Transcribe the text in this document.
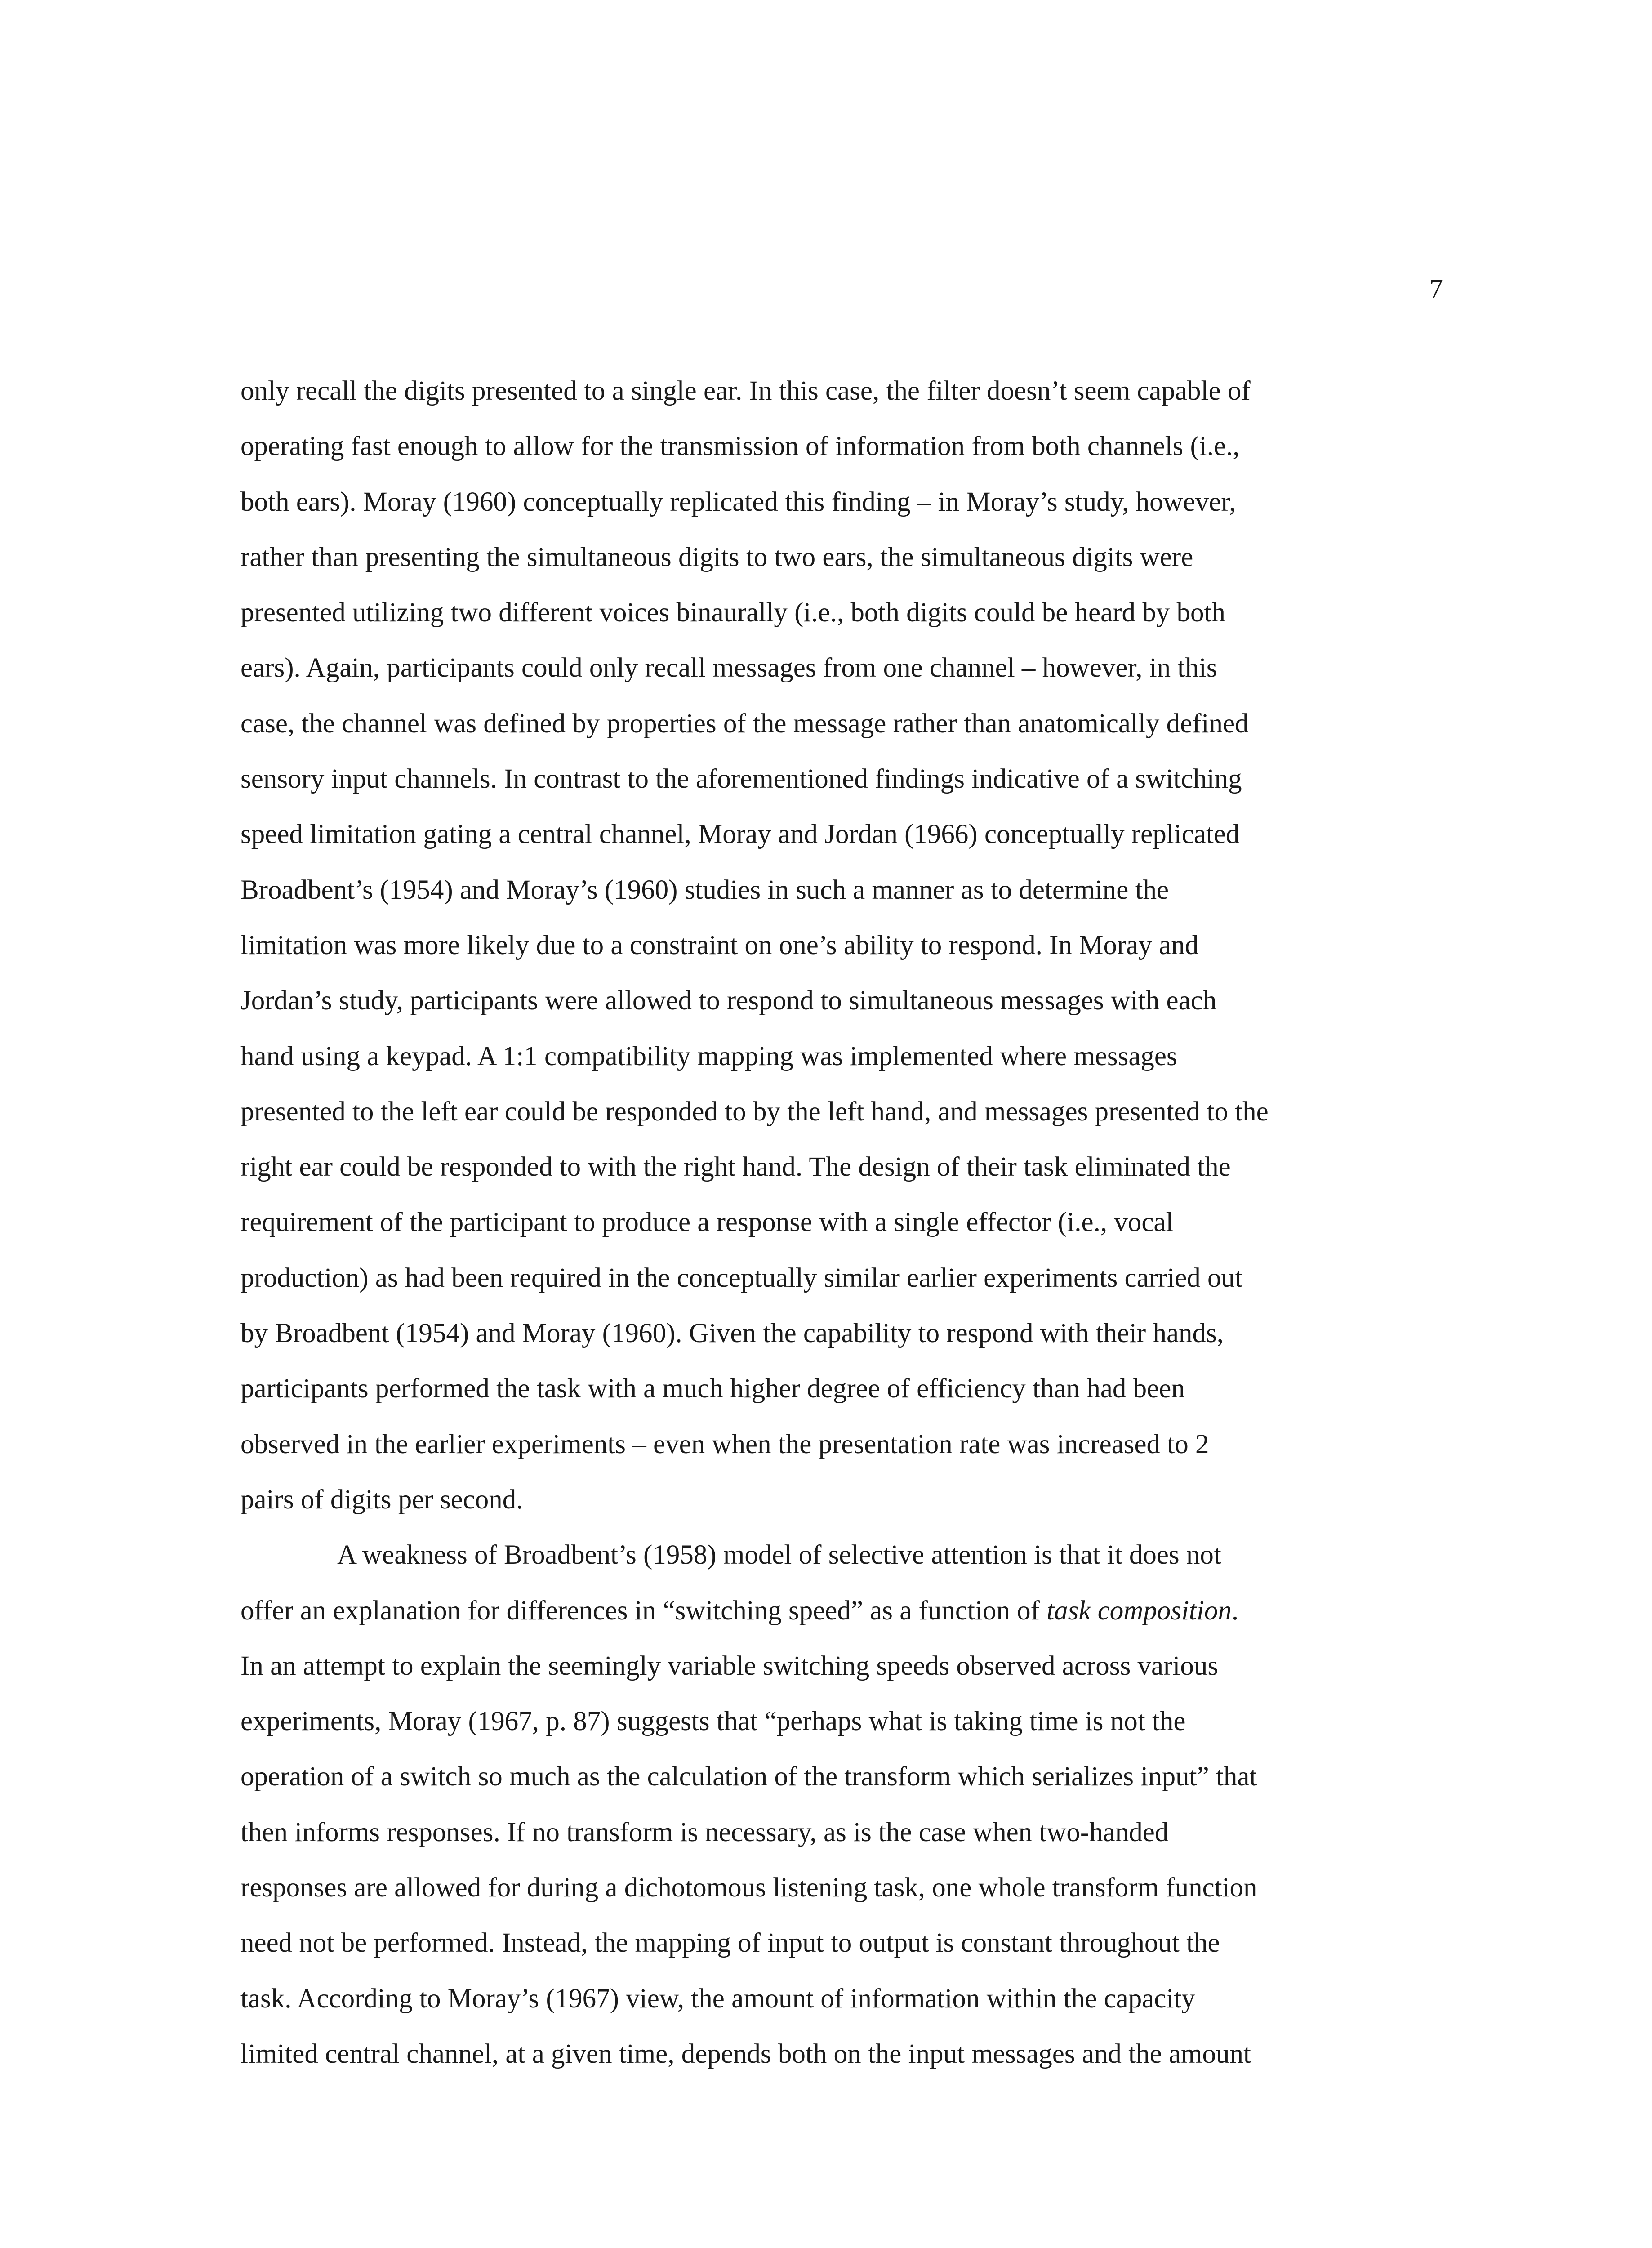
7

only recall the digits presented to a single ear. In this case, the filter doesn’t seem capable of
operating fast enough to allow for the transmission of information from both channels (i.e.,
both ears). Moray (1960) conceptually replicated this finding – in Moray’s study, however,
rather than presenting the simultaneous digits to two ears, the simultaneous digits were
presented utilizing two different voices binaurally (i.e., both digits could be heard by both
ears). Again, participants could only recall messages from one channel – however, in this
case, the channel was defined by properties of the message rather than anatomically defined
sensory input channels. In contrast to the aforementioned findings indicative of a switching
speed limitation gating a central channel, Moray and Jordan (1966) conceptually replicated
Broadbent’s (1954) and Moray’s (1960) studies in such a manner as to determine the
limitation was more likely due to a constraint on one’s ability to respond. In Moray and
Jordan’s study, participants were allowed to respond to simultaneous messages with each
hand using a keypad. A 1:1 compatibility mapping was implemented where messages
presented to the left ear could be responded to by the left hand, and messages presented to the
right ear could be responded to with the right hand. The design of their task eliminated the
requirement of the participant to produce a response with a single effector (i.e., vocal
production) as had been required in the conceptually similar earlier experiments carried out
by Broadbent (1954) and Moray (1960). Given the capability to respond with their hands,
participants performed the task with a much higher degree of efficiency than had been
observed in the earlier experiments – even when the presentation rate was increased to 2
pairs of digits per second.

A weakness of Broadbent’s (1958) model of selective attention is that it does not
offer an explanation for differences in “switching speed” as a function of task composition.
In an attempt to explain the seemingly variable switching speeds observed across various
experiments, Moray (1967, p. 87) suggests that “perhaps what is taking time is not the
operation of a switch so much as the calculation of the transform which serializes input” that
then informs responses. If no transform is necessary, as is the case when two-handed
responses are allowed for during a dichotomous listening task, one whole transform function
need not be performed. Instead, the mapping of input to output is constant throughout the
task. According to Moray’s (1967) view, the amount of information within the capacity
limited central channel, at a given time, depends both on the input messages and the amount
